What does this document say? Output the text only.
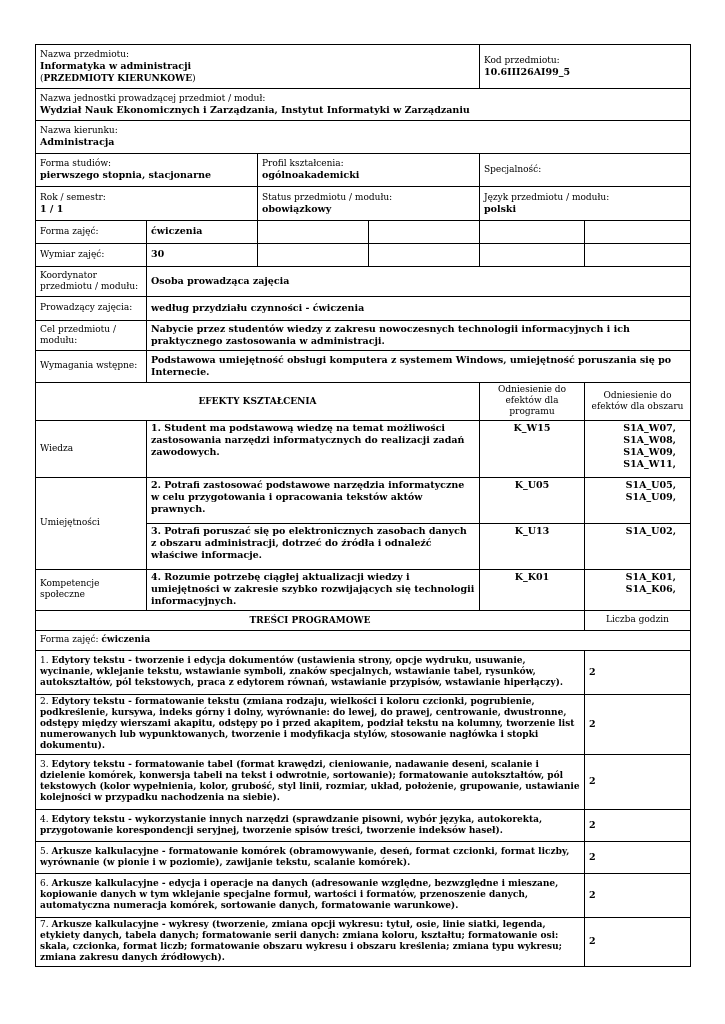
Nazwa przedmiotu:
Informatyka w administracji
(PRZEDMIOTY KIERUNKOWE)				Kod przedmiotu:
10.6III26AI99_5	

Nazwa jednostki prowadzącej przedmiot / moduł:
Wydział Nauk Ekonomicznych i Zarządzania, Instytut Informatyki w Zarządzaniu					

Nazwa kierunku:
Administracja					

Forma studiów:
pierwszego stopnia, stacjonarne		Profil kształcenia:
ogólnoakademicki		Specjalność:	

Rok / semestr:
1 / 1		Status przedmiotu / modułu:
obowiązkowy		Język przedmiotu / modułu:
polski	

Forma zajęć:	ćwiczenia				
Wymiar zajęć:	30				
Koordynator przedmiotu / modułu:	Osoba prowadząca zajęcia				
Prowadzący zajęcia:	według przydziału czynności - ćwiczenia				
Cel przedmiotu / modułu:	Nabycie przez studentów wiedzy z zakresu nowoczesnych technologii informacyjnych i ich praktycznego zastosowania w administracji.				
Wymagania wstępne:	Podstawowa umiejętność obsługi komputera z systemem Windows, umiejętność poruszania się po Internecie.				
EFEKTY KSZTAŁCENIA				Odniesienie do efektów dla programu	Odniesienie do efektów dla obszaru
Wiedza	1. Student ma podstawową wiedzę na temat możliwości zastosowania narzędzi informatycznych do realizacji zadań zawodowych.			K_W15	S1A_W07, S1A_W08, S1A_W09, S1A_W11,
Umiejętności	2. Potrafi zastosować podstawowe narzędzia informatyczne w celu przygotowania i opracowania tekstów aktów prawnych.			K_U05	S1A_U05, S1A_U09,
	3. Potrafi poruszać się po elektronicznych zasobach danych z obszaru administracji, dotrzeć do źródła i odnaleźć właściwe informacje.			K_U13	S1A_U02,
Kompetencje społeczne	4. Rozumie potrzebę ciągłej aktualizacji wiedzy i umiejętności w zakresie szybko rozwijających się technologii informacyjnych.			K_K01	S1A_K01, S1A_K06,
TREŚCI PROGRAMOWE					Liczba godzin
Forma zajęć: ćwiczenia					
1. Edytory tekstu - tworzenie i edycja dokumentów (ustawienia strony, opcje wydruku, usuwanie, wycinanie, wklejanie tekstu, wstawianie symboli, znaków specjalnych, wstawianie tabel, rysunków, autokształtów, pól tekstowych, praca z edytorem równań, wstawianie przypisów, wstawianie hiperłączy).					2
2. Edytory tekstu - formatowanie tekstu (zmiana rodzaju, wielkości i koloru czcionki, pogrubienie, podkreślenie, kursywa, indeks górny i dolny, wyrównanie: do lewej, do prawej, centrowanie, dwustronne, odstępy między wierszami akapitu, odstępy po i przed akapitem, podział tekstu na kolumny, tworzenie list numerowanych lub wypunktowanych, tworzenie i modyfikacja stylów, stosowanie nagłówka i stopki dokumentu).					2
3. Edytory tekstu - formatowanie tabel (format krawędzi, cieniowanie, nadawanie deseni, scalanie i dzielenie komórek, konwersja tabeli na tekst i odwrotnie, sortowanie); formatowanie autokształtów, pól tekstowych (kolor wypełnienia, kolor, grubość, styl linii, rozmiar, układ, położenie, grupowanie, ustawianie kolejności w przypadku nachodzenia na siebie).					2
4. Edytory tekstu - wykorzystanie innych narzędzi (sprawdzanie pisowni, wybór języka, autokorekta, przygotowanie korespondencji seryjnej, tworzenie spisów treści, tworzenie indeksów haseł).					2
5. Arkusze kalkulacyjne - formatowanie komórek (obramowywanie, deseń, format czcionki, format liczby, wyrównanie (w pionie i w poziomie), zawijanie tekstu, scalanie komórek).					2
6. Arkusze kalkulacyjne - edycja i operacje na danych (adresowanie względne, bezwzględne i mieszane, kopiowanie danych w tym wklejanie specjalne formuł, wartości i formatów, przenoszenie danych, automatyczna numeracja komórek, sortowanie danych, formatowanie warunkowe).					2
7. Arkusze kalkulacyjne - wykresy (tworzenie, zmiana opcji wykresu: tytuł, osie, linie siatki, legenda, etykiety danych, tabela danych; formatowanie serii danych: zmiana koloru, kształtu; formatowanie osi: skala, czcionka, format liczb; formatowanie obszaru wykresu i obszaru kreślenia; zmiana typu wykresu; zmiana zakresu danych źródłowych).					2
